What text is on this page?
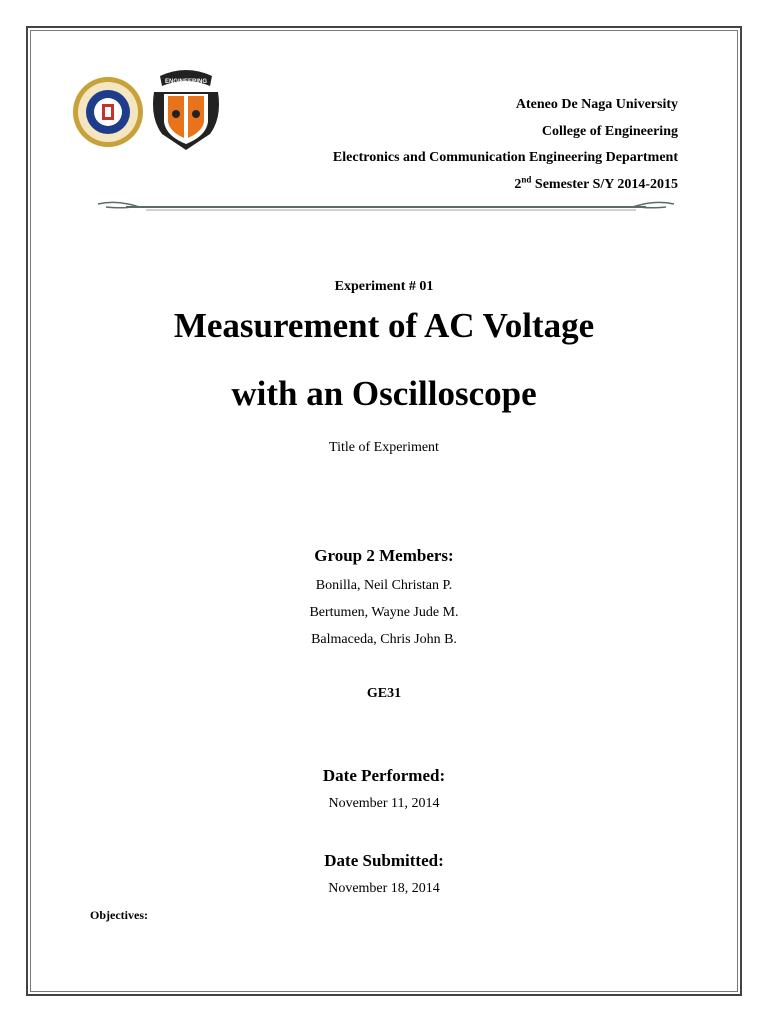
ENGINEERING
Ateneo De Naga University
College of Engineering
Electronics and Communication Engineering Department
2nd Semester S/Y 2014-2015
Experiment # 01
Measurement of AC Voltage
with an Oscilloscope
Title of Experiment
Group 2 Members:
Bonilla, Neil Christan P.
Bertumen, Wayne Jude M.
Balmaceda, Chris John B.
GE31
Date Performed:
November 11, 2014
Date Submitted:
November 18, 2014
Objectives:
